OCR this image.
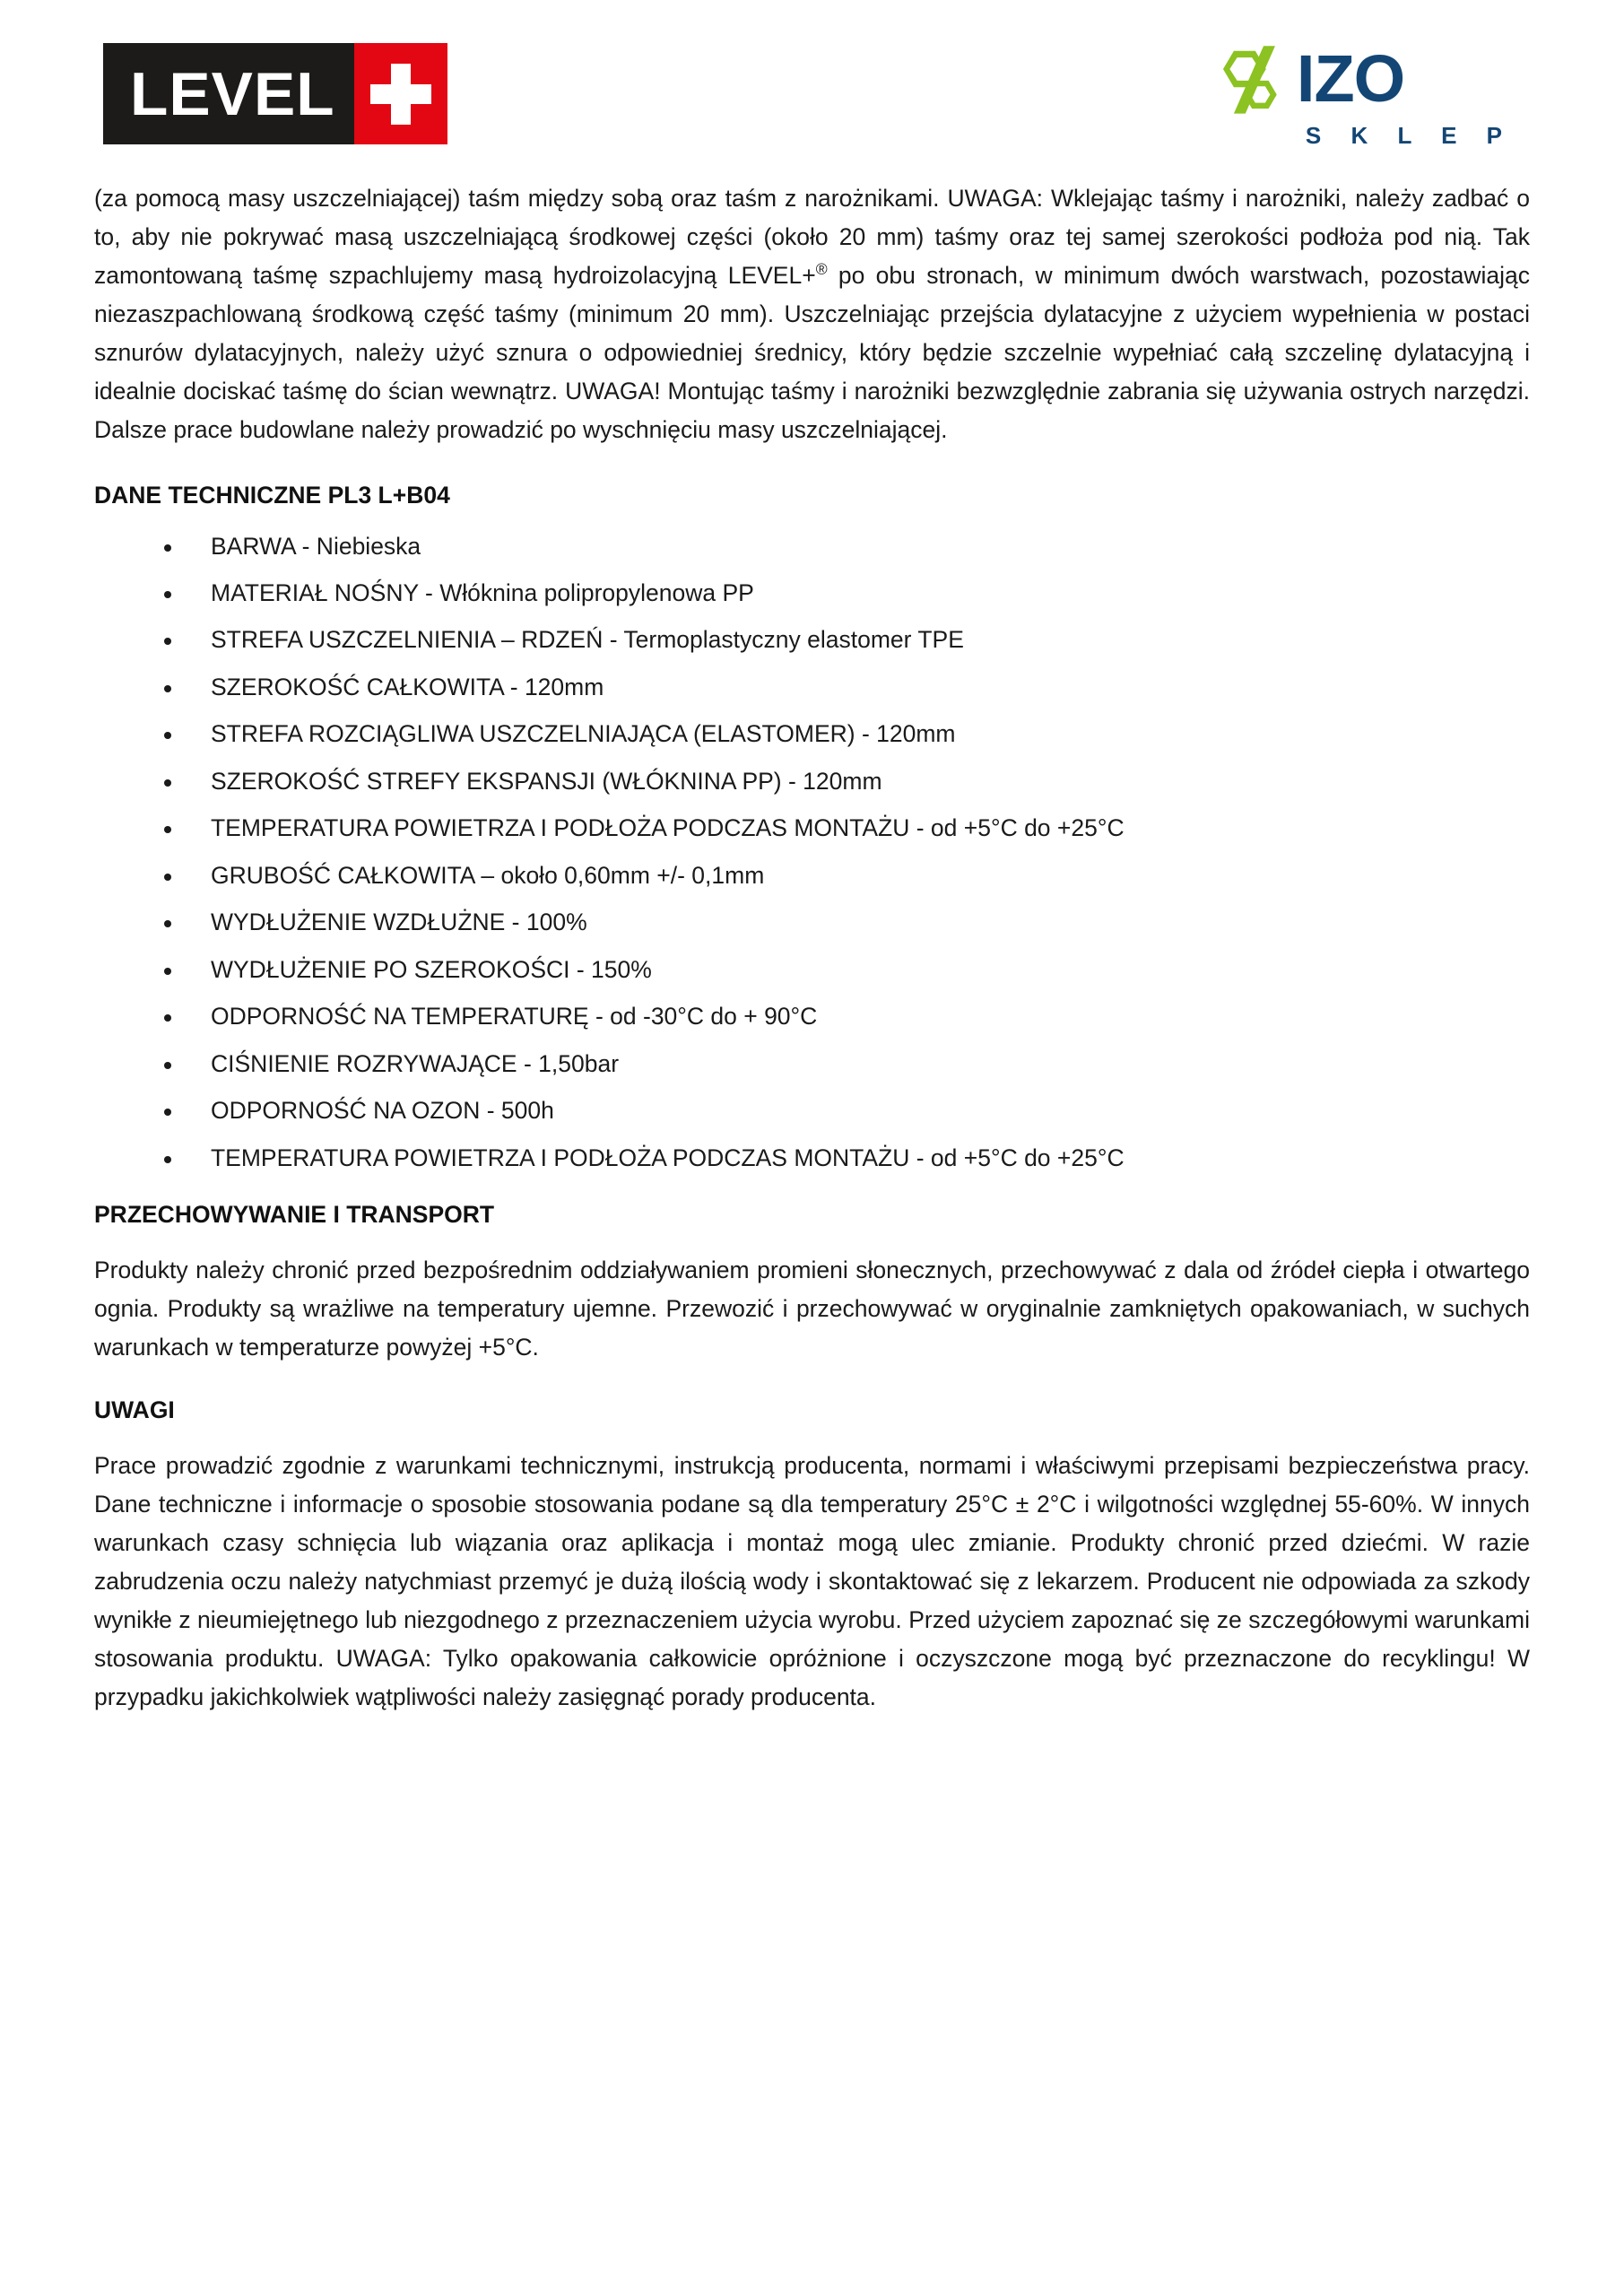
LEVEL	IZO
S K L E P

(za pomocą masy uszczelniającej) taśm między sobą oraz taśm z narożnikami. UWAGA: Wklejając taśmy i narożniki, należy zadbać o to, aby nie pokrywać masą uszczelniającą środkowej części (około 20 mm) taśmy oraz tej samej szerokości podłoża pod nią. Tak zamontowaną taśmę szpachlujemy masą hydroizolacyjną LEVEL+® po obu stronach, w minimum dwóch warstwach, pozostawiając niezaszpachlowaną środkową część taśmy (minimum 20 mm). Uszczelniając przejścia dylatacyjne z użyciem wypełnienia w postaci sznurów dylatacyjnych, należy użyć sznura o odpowiedniej średnicy, który będzie szczelnie wypełniać całą szczelinę dylatacyjną i idealnie dociskać taśmę do ścian wewnątrz. UWAGA! Montując taśmy i narożniki bezwzględnie zabrania się używania ostrych narzędzi. Dalsze prace budowlane należy prowadzić po wyschnięciu masy uszczelniającej.

DANE TECHNICZNE PL3 L+B04
BARWA - Niebieska
MATERIAŁ NOŚNY - Włóknina polipropylenowa PP
STREFA USZCZELNIENIA – RDZEŃ - Termoplastyczny elastomer TPE
SZEROKOŚĆ CAŁKOWITA - 120mm
STREFA ROZCIĄGLIWA USZCZELNIAJĄCA (ELASTOMER) - 120mm
SZEROKOŚĆ STREFY EKSPANSJI (WŁÓKNINA PP) - 120mm
TEMPERATURA POWIETRZA I PODŁOŻA PODCZAS MONTAŻU - od +5°C do +25°C
GRUBOŚĆ CAŁKOWITA – około 0,60mm +/- 0,1mm
WYDŁUŻENIE WZDŁUŻNE - 100%
WYDŁUŻENIE PO SZEROKOŚCI - 150%
ODPORNOŚĆ NA TEMPERATURĘ - od -30°C do + 90°C
CIŚNIENIE ROZRYWAJĄCE - 1,50bar
ODPORNOŚĆ NA OZON - 500h
TEMPERATURA POWIETRZA I PODŁOŻA PODCZAS MONTAŻU - od +5°C do +25°C
PRZECHOWYWANIE I TRANSPORT

Produkty należy chronić przed bezpośrednim oddziaływaniem promieni słonecznych, przechowywać z dala od źródeł ciepła i otwartego ognia. Produkty są wrażliwe na temperatury ujemne. Przewozić i przechowywać w oryginalnie zamkniętych opakowaniach, w suchych warunkach w temperaturze powyżej +5°C.

UWAGI

Prace prowadzić zgodnie z warunkami technicznymi, instrukcją producenta, normami i właściwymi przepisami bezpieczeństwa pracy. Dane techniczne i informacje o sposobie stosowania podane są dla temperatury 25°C ± 2°C i wilgotności względnej 55-60%. W innych warunkach czasy schnięcia lub wiązania oraz aplikacja i montaż mogą ulec zmianie. Produkty chronić przed dziećmi. W razie zabrudzenia oczu należy natychmiast przemyć je dużą ilością wody i skontaktować się z lekarzem. Producent nie odpowiada za szkody wynikłe z nieumiejętnego lub niezgodnego z przeznaczeniem użycia wyrobu. Przed użyciem zapoznać się ze szczegółowymi warunkami stosowania produktu. UWAGA: Tylko opakowania całkowicie opróżnione i oczyszczone mogą być przeznaczone do recyklingu! W przypadku jakichkolwiek wątpliwości należy zasięgnąć porady producenta.
